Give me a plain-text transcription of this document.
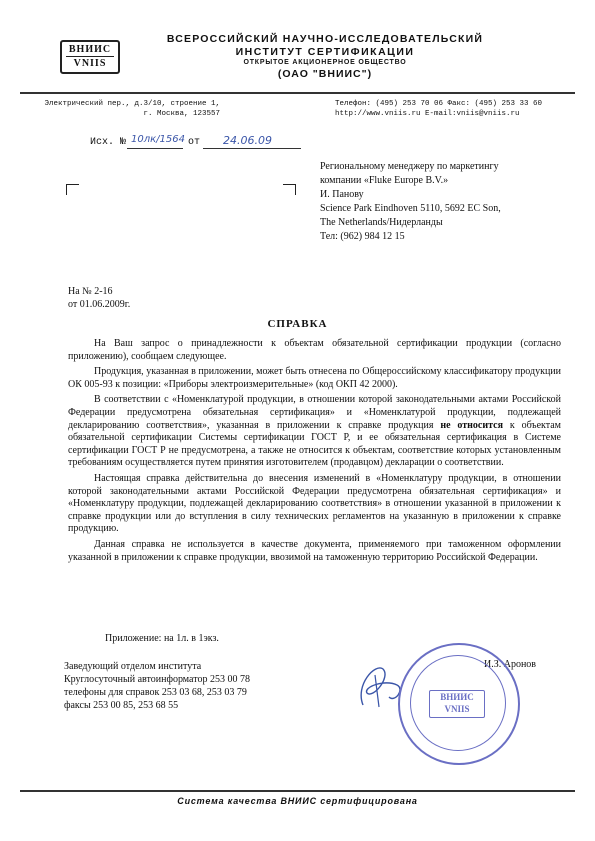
ВНИИС
VNIIS
ВСЕРОССИЙСКИЙ НАУЧНО-ИССЛЕДОВАТЕЛЬСКИЙ
ИНСТИТУТ СЕРТИФИКАЦИИ
ОТКРЫТОЕ АКЦИОНЕРНОЕ ОБЩЕСТВО
(ОАО "ВНИИС")
Электрический пер., д.3/10, строение 1,
г. Москва, 123557
Телефон: (495) 253 70 06 Факс: (495) 253 33 60
http://www.vniis.ru E-mail:vniis@vniis.ru
Исх. № 10лк/1564 от 24.06.09
Региональному менеджеру по маркетингу
компании «Fluke Europe B.V.»
И. Панову
Science Park Eindhoven 5110, 5692 EC Son,
The Netherlands/Нидерланды
Тел: (962) 984 12 15
На № 2-16
от 01.06.2009г.
СПРАВКА

На Ваш запрос о принадлежности к объектам обязательной сертификации продукции (согласно приложению), сообщаем следующее.

Продукция, указанная в приложении, может быть отнесена по Общероссийскому классификатору продукции ОК 005-93 к позиции: «Приборы электроизмерительные» (код ОКП 42 2000).

В соответствии с «Номенклатурой продукции, в отношении которой законодательными актами Российской Федерации предусмотрена обязательная сертификация» и «Номенклатурой продукции, подлежащей декларированию соответствия», указанная в приложении к справке продукция не относится к объектам обязательной сертификации Системы сертификации ГОСТ Р, и ее обязательная сертификация в Системе сертификации ГОСТ Р не предусмотрена, а также не относится к объектам, соответствие которых установленным требованиям осуществляется путем принятия изготовителем (продавцом) декларации о соответствии.

Настоящая справка действительна до внесения изменений в «Номенклатуру продукции, в отношении которой законодательными актами Российской Федерации предусмотрена обязательная сертификация» и «Номенклатуру продукции, подлежащей декларированию соответствия» в отношении указанной в приложении к справке продукции или до вступления в силу технических регламентов на указанную в приложении к справке продукцию.

Данная справка не используется в качестве документа, применяемого при таможенном оформлении указанной в приложении к справке продукции, ввозимой на таможенную территорию Российской Федерации.

Приложение: на 1л. в 1экз.
Заведующий отделом института
Круглосуточный автоинформатор 253 00 78
телефоны для справок 253 03 68, 253 03 79
факсы 253 00 85, 253 68 55
И.З. Аронов
ВНИИС
VNIIS
Система качества ВНИИС сертифицирована
